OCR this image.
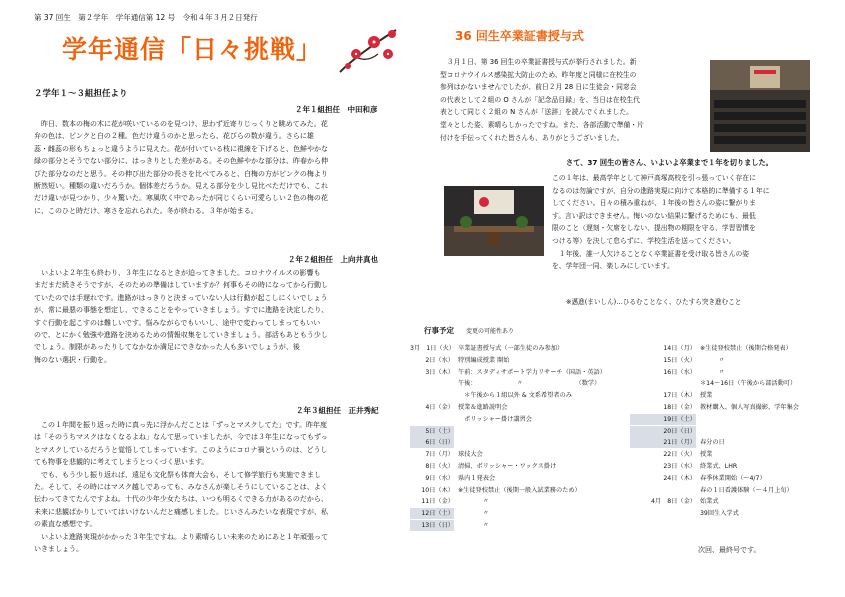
第 37 回生　第２学年　学年通信第 12 号　令和４年３月２日発行
学年通信「日々挑戦」
２学年１～３組担任より
２年１組担任　中田和彦
　昨日、数本の梅の木に花が咲いているのを見つけ、思わず近寄りじっくりと眺めてみた。花
弁の色は、ピンクと白の２種。色だけ違うのかと思ったら、花びらの数が違う。さらに雄
蕊・雌蕊の形もちょっと違うように見えた。花が付いている枝に視線を下げると、色鮮やかな
緑の部分とそうでない部分に、はっきりとした差がある。その色鮮やかな部分は、昨春から伸
びた部分なのだと思う。その伸び出た部分の長さを比べてみると、白梅の方がピンクの梅より
断然短い。種類の違いだろうか。個体差だろうか。見える部分を少し見比べただけでも、これ
だけ違いが見つかり、少々驚いた。寒風吹く中であったが同じくらい可愛らしい２色の梅の花
に、このひと時だけ、寒さを忘れられた。冬が終わる。３年が始まる。
２年２組担任　上向井真也
　いよいよ２年生も終わり、３年生になるときが迫ってきました。コロナウイルスの影響も
まだまだ続きそうですが、そのための準備はしていますか？何事もその時になってから行動し
ていたのでは手遅れです。進路がはっきりと決まっていない人は行動が起こしにくいでしょう
が、常に最悪の事態を想定し、できることをやっていきましょう。すでに進路を決定したり、
すぐ行動を起こすのは難しいです。悩みながらでもいいし、途中で変わってしまってもいい
ので、とにかく勉強や進路を決めるための情報収集をしていきましょう。部活もあともう少し
でしょう。制限があったりしてなかなか満足にできなかった人も多いでしょうが、後
悔のない選択・行動を。
２年３組担任　正井秀紀
　この１年間を振り返った時に真っ先に浮かんだことは「ずっとマスクしてた」です。昨年度
は「そのうちマスクはなくなるよね」なんて思っていましたが、今では３年生になってもずっ
とマスクしているだろうと覚悟してしまっています。このようにコロナ禍というのは、どうし
ても物事を悲観的に考えてしまうとつくづく思います。
　でも、もう少し振り返れば、遠足も文化祭も体育大会も、そして修学旅行も実施できまし
た。そして、その時にはマスク越しであっても、みなさんが楽しそうにしていることは、よく
伝わってきてたんですよね。十代の少年少女たちは、いつも明るくできる力があるのだから、
未来に悲観ばかりしていてはいけないんだと痛感しました。じいさんみたいな表現ですが、私
の素直な感想です。
　いよいよ進路実現がかかった３年生ですね。より素晴らしい未来のためにあと１年頑張って
いきましょう。
36 回生卒業証書授与式
　３月１日、第 36 回生の卒業証書授与式が挙行されました。新
型コロナウイルス感染拡大防止のため、昨年度と同様に在校生の
参列はかないませんでしたが、前日２月 28 日に生徒会・同窓会
の代表として２組の O さんが「記念品目録」を、当日は在校生代
表として同じく２組の N さんが「送辞」を読んでくれました。
堂々とした姿、素晴らしかったですね。また、各部活動で準備・片
付けを手伝ってくれた皆さんも、ありがとうございました。
さて、37 回生の皆さん、いよいよ卒業まで１年を切りました。
この１年は、最高学年として神戸高塚高校を引っ張っていく存在に
なるのは勿論ですが、自分の進路実現に向けて本格的に準備する１年に
してください。日々の積み重ねが、１年後の皆さんの姿に繋がりま
す。言い訳はできません。悔いのない結果に繋げるためにも、最低
限のこと（遅刻・欠席をしない、提出物の期限を守る、学習習慣を
つける等）を決して怠らずに、学校生活を送ってください。
　１年後、誰一人欠けることなく卒業証書を受け取る皆さんの姿
を、学年団一同、楽しみにしています。
※邁進(まいしん)…ひるむことなく、ひたすら突き進むこと
行事予定 変更の可能性あり
3月　1日（火） 卒業証書授与式（一部生徒のみ参加）
2日（水） 特別編成授業 開始
3日（木） 午前：スタディサポート学力リサーチ（国語・英語）
午後：　　　　　　　〃　　　　　　　　　（数学）
　＊午後から１組以外 & 文系希望者のみ
4日（金） 授業＆進路説明会
　ポリッシャー掛け講習会
5日（土）
6日（日）
7日（月） 球技大会
8日（火） 清掃、ポリッシャー・ワックス掛け
9日（水） 県内１発表会
10日（木） ※生徒登校禁止（後期一般入試業務のため）
11日（金）　　　　〃
12日（土）　　　　〃
13日（日）　　　　〃
14日（月） ※生徒登校禁止（後期合格発表）
15日（火）　　　〃
16日（水）　　　〃
＊14〜16日（午後から部活動可）
17日（木） 授業
18日（金） 教材購入、個人写真撮影、学年集会
19日（土）
20日（日）
21日（月） 春分の日
22日（火） 授業
23日（水） 終業式、LHR
24日（木） 春季休業開始（〜4/7）
春の１日看護体験（〜４月上旬）
4月　8日（金） 始業式
39回生入学式
次回、最終号です。
